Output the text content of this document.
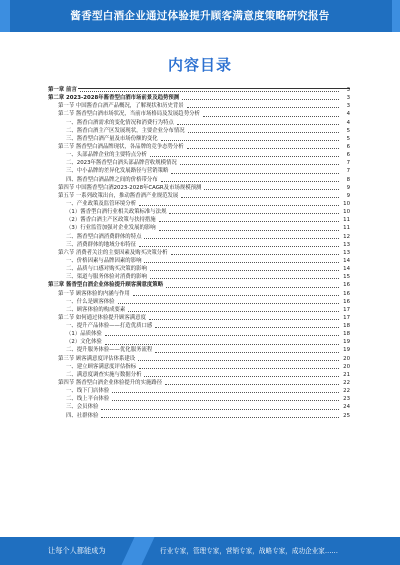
酱香型白酒企业通过体验提升顾客满意度策略研究报告
内容目录
第一章 前言	3
第二章 2023-2028年酱香型白酒市场前景及趋势预测	3
第一节 中国酱香白酒产品概况，了解现状和历史背景	3
第二节 酱香型白酒市场状况，当前市场格局及发展趋势分析	4
一、酱香白酒需求的变化情况和消费行为特点	4
二、酱香白酒主产区发展现状，主要企业分布情况	5
三、酱香型白酒产量及市场份额的变化	5
第三节 酱香型白酒品牌现状，各品牌的竞争态势分析	6
一、头部品牌企业的主要特点分析	6
二、2023年酱香型白酒头部品牌营收规模情况	7
三、中小品牌的差异化发展路径与营销策略	7
四、酱香型白酒品牌之间的价格带分布	8
第四节 中国酱香型白酒2023-2028年CAGR及市场规模预测	9
第五节 一系列政策出台，推动酱香酒产业规范发展	9
一、产业政策及监管环境分析	10
（1）酱香型白酒行业相关政策标准与法规	10
（2）酱香白酒主产区政策与扶持措施	11
（3）行业监管加强对企业发展的影响	11
二、酱香型白酒消费群体的特点	12
三、消费群体的地域分布特征	13
第六节 消费者关注的主要因素及购买决策分析	13
一、价格因素与品牌因素的影响	14
二、品质与口感对购买决策的影响	14
三、渠道与服务体验对消费的影响	15
第三章 酱香型白酒企业体验提升顾客满意度策略	16
第一节 顾客体验的内涵与作用	16
一、什么是顾客体验	16
二、顾客体验的构成要素	17
第二节 如何通过体验提升顾客满意度	17
一、提升产品体验——打造优质口感	18
（1）品质体验	18
（2）文化体验	19
二、提升服务体验——优化服务流程	19
第三节 顾客满意度评估体系建设	20
一、建立顾客满意度评估指标	20
二、满意度调查实施与数据分析	21
第四节 酱香型白酒企业体验提升的实施路径	22
一、线下门店体验	22
二、线上平台体验	23
三、会员体验	24
四、社群体验	25
让每个人都能成为	行业专家，管理专家，营销专家，战略专家，成功企业家……
